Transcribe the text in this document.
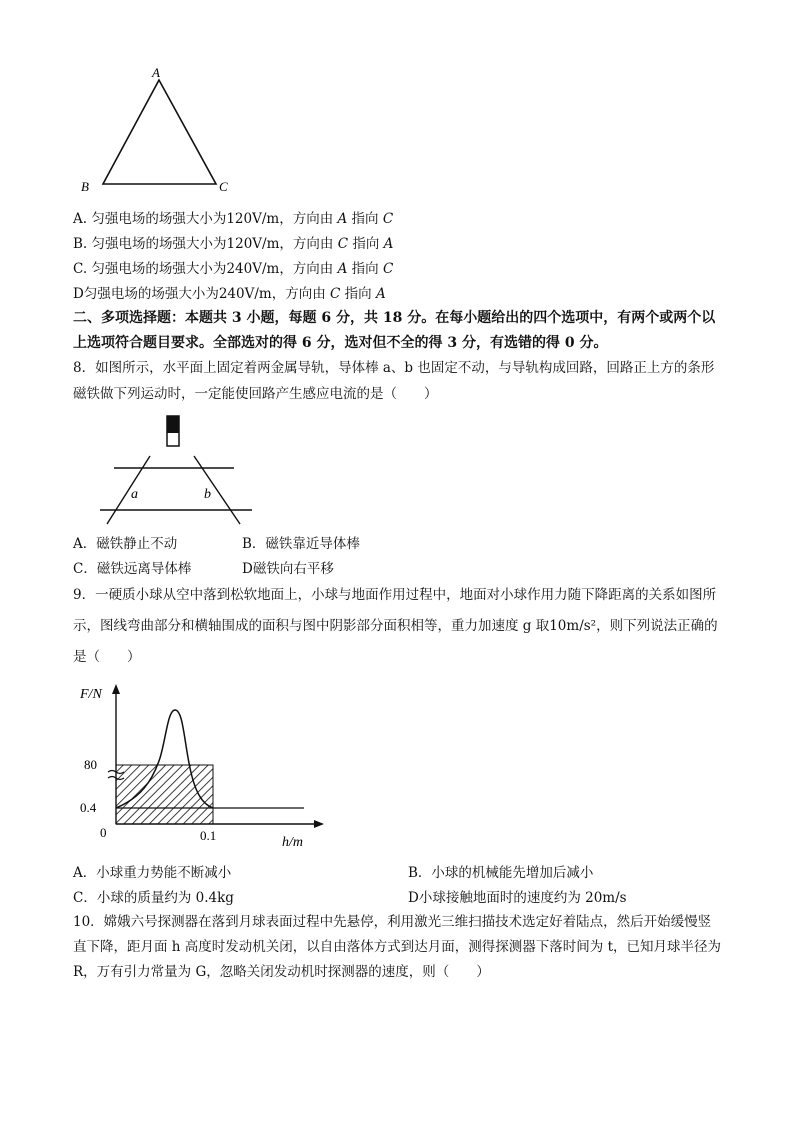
A
B	C
A. 匀强电场的场强大小为120V/m，方向由 A 指向 C
B. 匀强电场的场强大小为120V/m，方向由 C 指向 A
C. 匀强电场的场强大小为240V/m，方向由 A 指向 C
D匀强电场的场强大小为240V/m，方向由 C 指向 A
二、多项选择题：本题共 3 小题，每题 6 分，共 18 分。在每小题给出的四个选项中，有两个或两个以上选项符合题目要求。全部选对的得 6 分，选对但不全的得 3 分，有选错的得 0 分。
8．如图所示，水平面上固定着两金属导轨，导体棒 a、b 也固定不动，与导轨构成回路，回路正上方的条形磁铁做下列运动时，一定能使回路产生感应电流的是（　　）
a	b
A．磁铁静止不动	B．磁铁靠近导体棒
C．磁铁远离导体棒	D磁铁向右平移
9．一硬质小球从空中落到松软地面上，小球与地面作用过程中，地面对小球作用力随下降距离的关系如图所示，图线弯曲部分和横轴围成的面积与图中阴影部分面积相等，重力加速度 g 取10m/s²，则下列说法正确的是（　　）
F/N
80
0.4
0	0.1	h/m
A．小球重力势能不断减小	B．小球的机械能先增加后减小
C．小球的质量约为 0.4kg	D小球接触地面时的速度约为 20m/s
10．嫦娥六号探测器在落到月球表面过程中先悬停，利用激光三维扫描技术选定好着陆点，然后开始缓慢竖直下降，距月面 h 高度时发动机关闭，以自由落体方式到达月面，测得探测器下落时间为 t，已知月球半径为 R，万有引力常量为 G，忽略关闭发动机时探测器的速度，则（　　）
